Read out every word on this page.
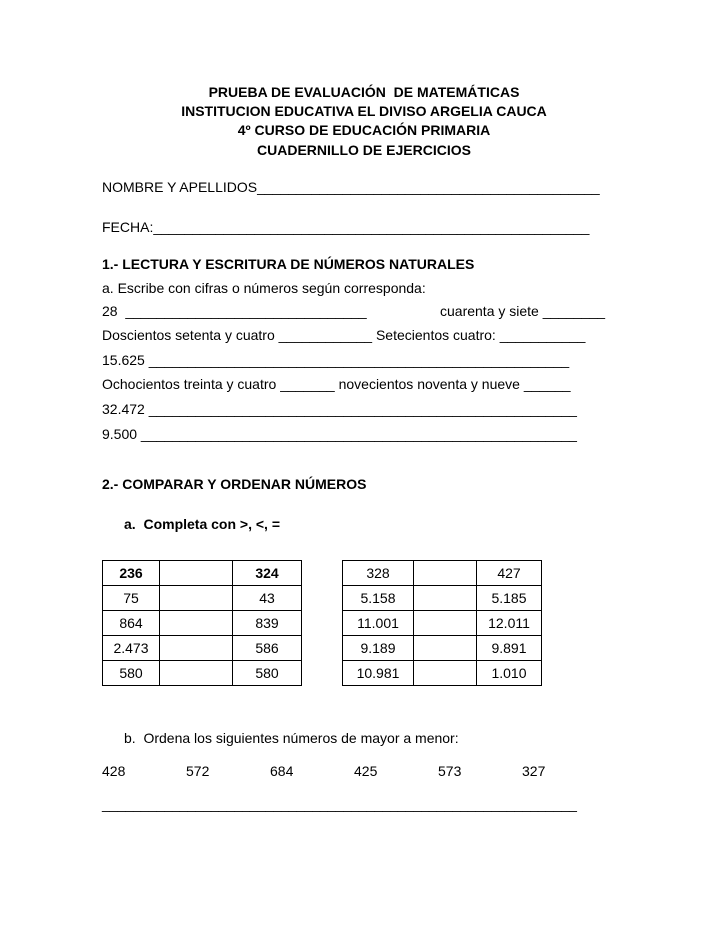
PRUEBA DE EVALUACIÓN  DE MATEMÁTICAS
INSTITUCION EDUCATIVA EL DIVISO ARGELIA CAUCA
4º CURSO DE EDUCACIÓN PRIMARIA
CUADERNILLO DE EJERCICIOS
NOMBRE Y APELLIDOS____________________________________________
FECHA:________________________________________________________
1.- LECTURA Y ESCRITURA DE NÚMEROS NATURALES
a. Escribe con cifras o números según corresponda:
28  _______________________________	cuarenta y siete ________
Doscientos setenta y cuatro ____________ Setecientos cuatro: ___________
15.625 ______________________________________________________
Ochocientos treinta y cuatro _______ novecientos noventa y nueve ______
32.472 _______________________________________________________
9.500 ________________________________________________________
2.- COMPARAR Y ORDENAR NÚMEROS
a.  Completa con >, <, =
236		324
75		43
864		839
2.473		586
580		580
328		427
5.158		5.185
11.001		12.011
9.189		9.891
10.981		1.010
b.  Ordena los siguientes números de mayor a menor:
428	572	684	425	573	327
_____________________________________________________________
